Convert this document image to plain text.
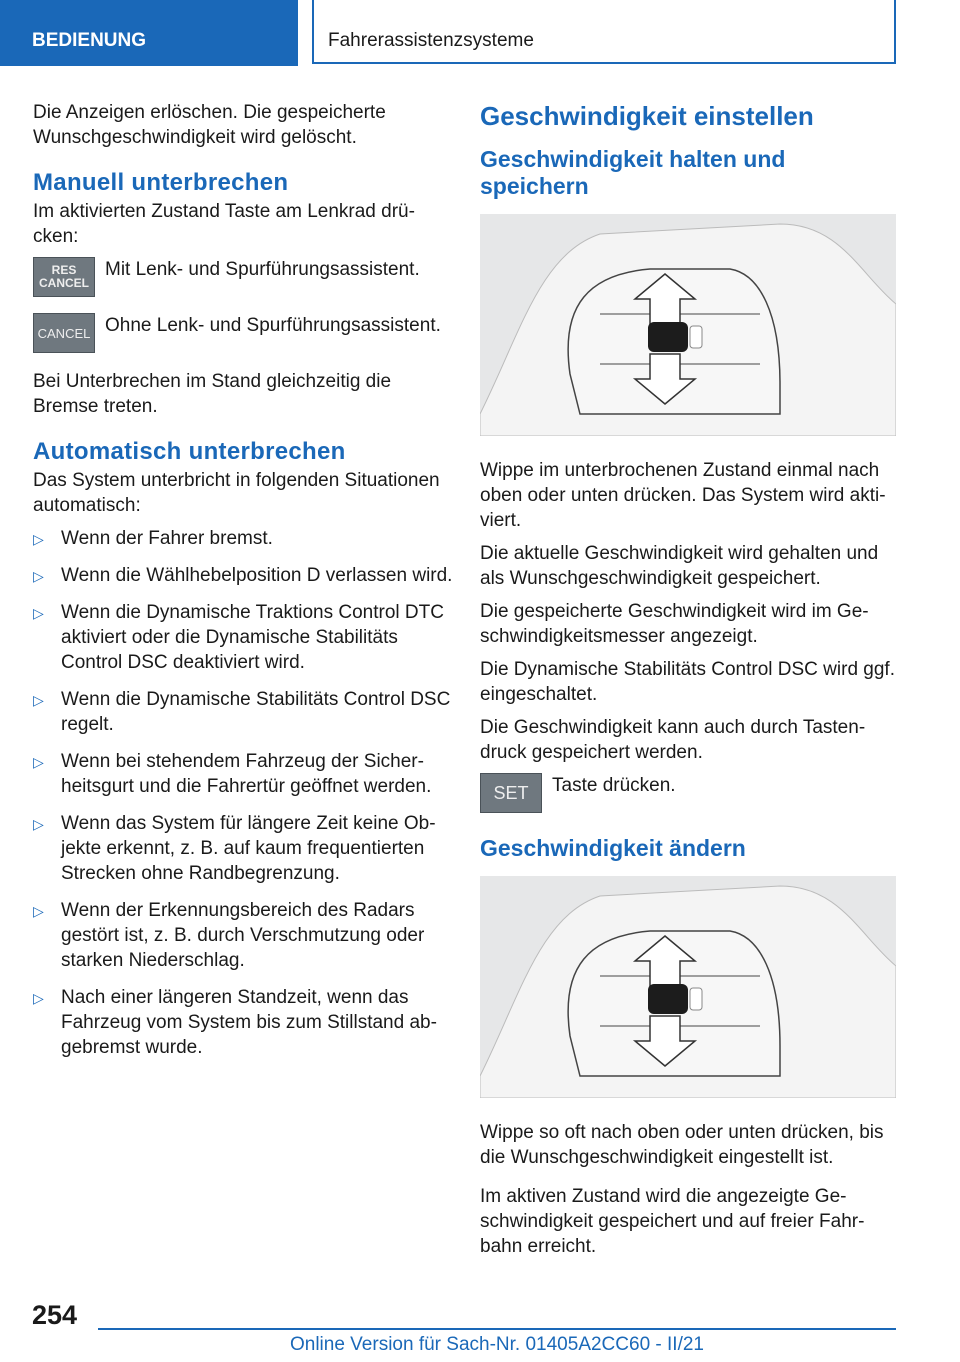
BEDIENUNG	Fahrerassistenzsysteme

Die Anzeigen erlöschen. Die gespeicherte Wunschgeschwindigkeit wird gelöscht.

Manuell unterbrechen

Im aktivierten Zustand Taste am Lenkrad drücken:

RES CANCEL
Mit Lenk- und Spurführungsassistent.
CANCEL Ohne Lenk- und Spurführungsassistent.

Bei Unterbrechen im Stand gleichzeitig die Bremse treten.

Automatisch unterbrechen

Das System unterbricht in folgenden Situationen automatisch:

▷ Wenn der Fahrer bremst.
▷ Wenn die Wählhebelposition D verlassen wird.
▷ Wenn die Dynamische Traktions Control DTC aktiviert oder die Dynamische Stabilitäts Control DSC deaktiviert wird.
▷ Wenn die Dynamische Stabilitäts Control DSC regelt.
▷ Wenn bei stehendem Fahrzeug der Sicherheitsgurt und die Fahrertür geöffnet werden.
▷ Wenn das System für längere Zeit keine Objekte erkennt, z. B. auf kaum frequentierten Strecken ohne Randbegrenzung.
▷ Wenn der Erkennungsbereich des Radars gestört ist, z. B. durch Verschmutzung oder starken Niederschlag.
▷ Nach einer längeren Standzeit, wenn das Fahrzeug vom System bis zum Stillstand abgebremst wurde.
Geschwindigkeit einstellen
Geschwindigkeit halten und speichern

Wippe im unterbrochenen Zustand einmal nach oben oder unten drücken. Das System wird aktiviert.

Die aktuelle Geschwindigkeit wird gehalten und als Wunschgeschwindigkeit gespeichert.

Die gespeicherte Geschwindigkeit wird im Geschwindigkeitsmesser angezeigt.

Die Dynamische Stabilitäts Control DSC wird ggf. eingeschaltet.

Die Geschwindigkeit kann auch durch Tastendruck gespeichert werden.

SET	Taste drücken.
Geschwindigkeit ändern

Wippe so oft nach oben oder unten drücken, bis die Wunschgeschwindigkeit eingestellt ist.

Im aktiven Zustand wird die angezeigte Geschwindigkeit gespeichert und auf freier Fahrbahn erreicht.

254
Online Version für Sach-Nr. 01405A2CC60 - II/21
